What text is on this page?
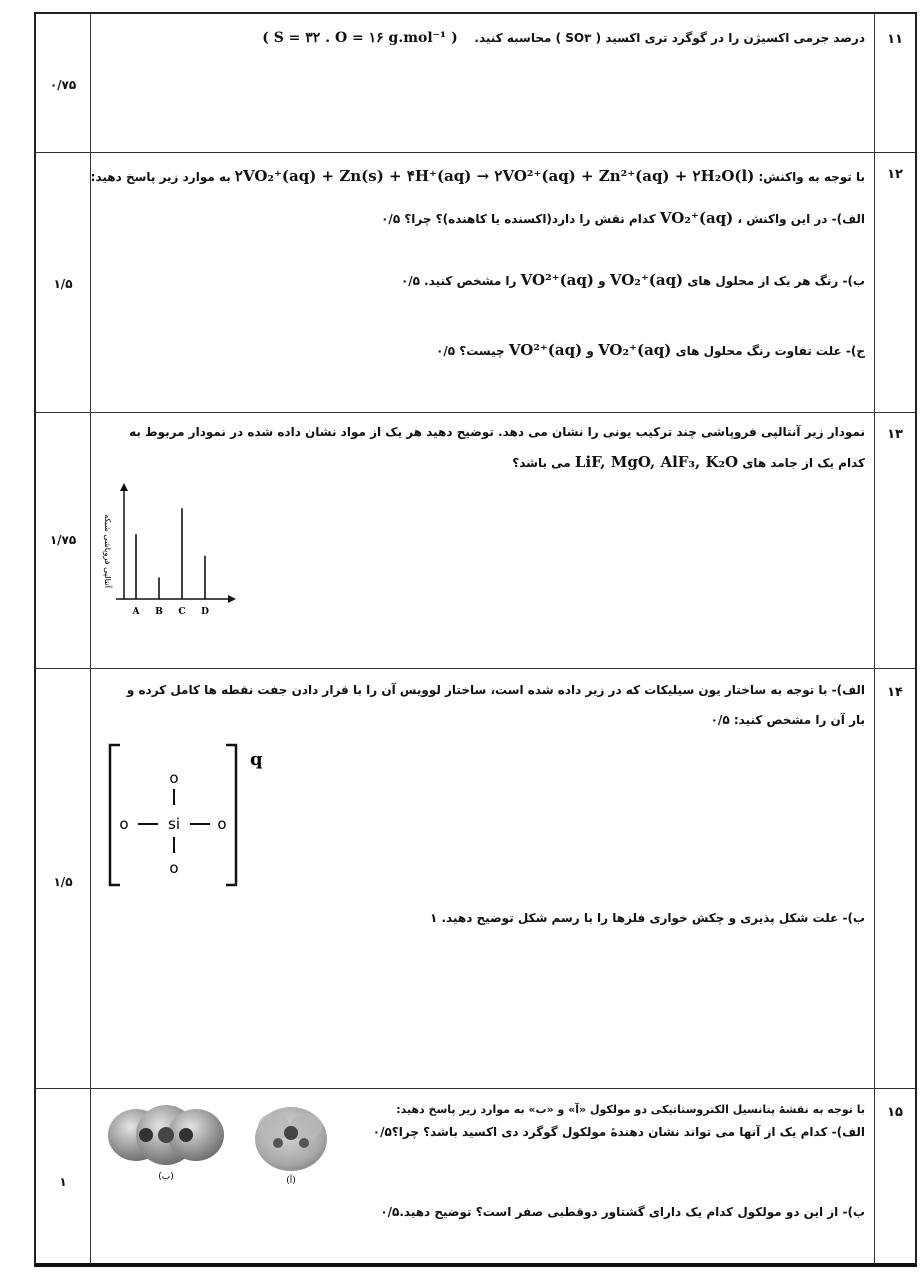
۱۱
۰/۷۵
درصد جرمی اکسیژن را در گوگرد تری اکسید ( SO۳ ) محاسبه کنید.    ( S = ۳۲ . O = ۱۶ g.mol⁻¹ )
۱۲
۱/۵
با توجه به واکنش: ۲VO₂⁺(aq) + Zn(s) + ۴H⁺(aq) → ۲VO²⁺(aq) + Zn²⁺(aq) + ۲H₂O(l) به موارد زیر پاسخ دهید:
الف)- در این واکنش ، VO₂⁺(aq) کدام نقش را دارد(اکسنده یا کاهنده)؟ چرا؟ ۰/۵
ب)- رنگ هر یک از محلول های VO₂⁺(aq) و VO²⁺(aq) را مشخص کنید. ۰/۵
ج)- علت تفاوت رنگ محلول های VO₂⁺(aq) و VO²⁺(aq) چیست؟ ۰/۵
۱۳
۱/۷۵
نمودار زیر آنتالپی فروپاشی چند ترکیب یونی را نشان می دهد. توضیح دهید هر یک از مواد نشان داده شده در نمودار مربوط به
کدام یک از جامد های LiF, MgO, AlF₃, K₂O می باشد؟
آنتالپی فروپاشی شبکه
A B C D
۱۴
۱/۵
الف)- با توجه به ساختار یون سیلیکات که در زیر داده شده است، ساختار لوویس آن را با قرار دادن جفت نقطه ها کامل کرده و
بار آن را مشخص کنید: ۰/۵
q
o
o	si o
o
ب)- علت شکل پذیری و چکش خواری فلزها را با رسم شکل توضیح دهید. ۱
۱۵
۱
با توجه به نقشۀ پتانسیل الکتروستاتیکی دو مولکول «آ» و «ب» به موارد زیر پاسخ دهید:
الف)- کدام یک از آنها می تواند نشان دهندۀ مولکول گوگرد دی اکسید باشد؟ چرا؟۰/۵
ب)- از این دو مولکول کدام یک دارای گشتاور دوقطبی صفر است؟ توضیح دهید.۰/۵
(ب)	(آ)
